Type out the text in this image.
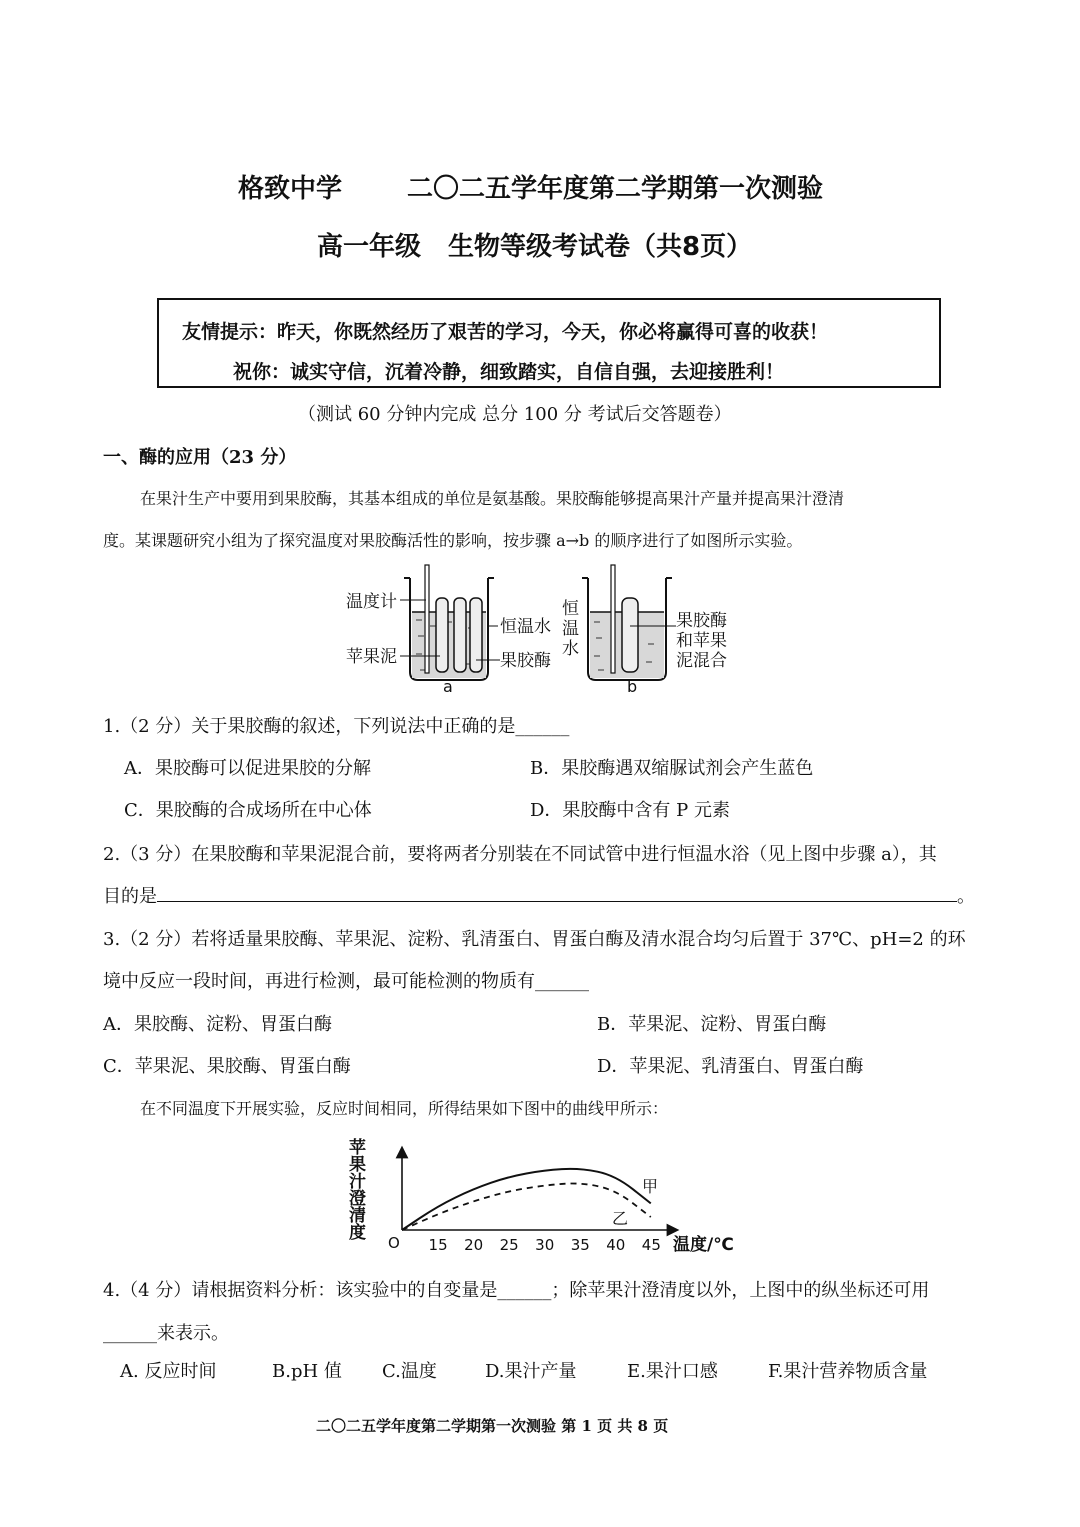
格致中学 二〇二五学年度第二学期第一次测验
高一年级 生物等级考试卷（共8页）
友情提示：昨天，你既然经历了艰苦的学习，今天，你必将赢得可喜的收获！
祝你：诚实守信，沉着冷静，细致踏实，自信自强，去迎接胜利！
（测试 60 分钟内完成 总分 100 分 考试后交答题卷）
一、酶的应用（23 分）
在果汁生产中要用到果胶酶，其基本组成的单位是氨基酸。果胶酶能够提高果汁产量并提高果汁澄清
度。某课题研究小组为了探究温度对果胶酶活性的影响，按步骤 a→b 的顺序进行了如图所示实验。
温度计
苹果泥
恒温水
果胶酶
a
恒
温
水
果胶酶
和苹果
泥混合
b
1.（2 分）关于果胶酶的叙述，下列说法中正确的是______
A．果胶酶可以促进果胶的分解	B．果胶酶遇双缩脲试剂会产生蓝色
C．果胶酶的合成场所在中心体	D．果胶酶中含有 P 元素
2.（3 分）在果胶酶和苹果泥混合前，要将两者分别装在不同试管中进行恒温水浴（见上图中步骤 a），其
目的是	。
3.（2 分）若将适量果胶酶、苹果泥、淀粉、乳清蛋白、胃蛋白酶及清水混合均匀后置于 37℃、pH=2 的环
境中反应一段时间，再进行检测，最可能检测的物质有______
A．果胶酶、淀粉、胃蛋白酶	B．苹果泥、淀粉、胃蛋白酶
C．苹果泥、果胶酶、胃蛋白酶	D．苹果泥、乳清蛋白、胃蛋白酶
在不同温度下开展实验，反应时间相同，所得结果如下图中的曲线甲所示：
苹果汁澄清度
O 15 20 25 30 35 40 45 温度/℃
甲
乙
4.（4 分）请根据资料分析：该实验中的自变量是______；除苹果汁澄清度以外，上图中的纵坐标还可用
______来表示。
A. 反应时间	B.pH 值 C.温度	D.果汁产量	E.果汁口感	F.果汁营养物质含量
二〇二五学年度第二学期第一次测验 第 1 页 共 8 页
